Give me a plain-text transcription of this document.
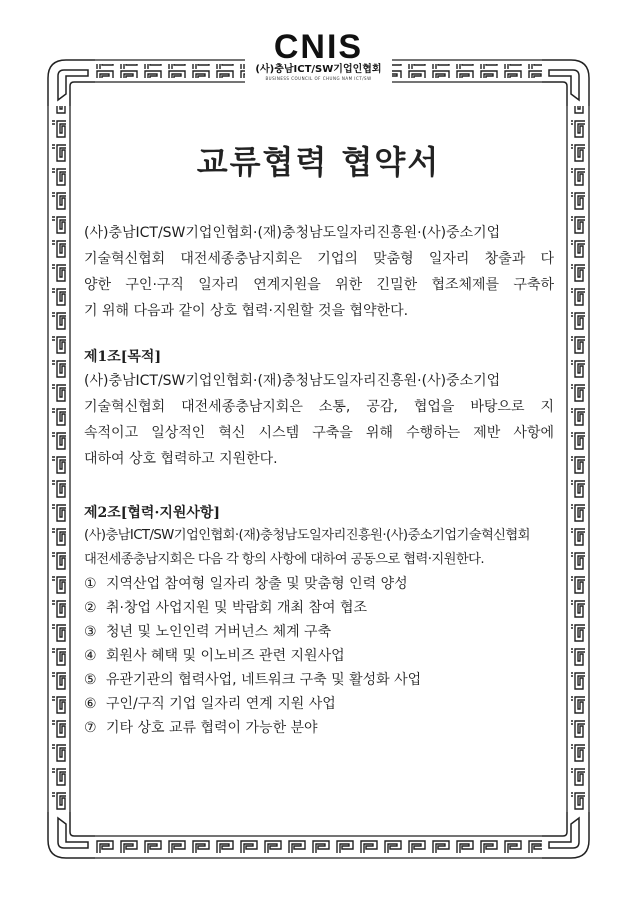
CNIS
(사)충남ICT/SW기업인협회
BUSINESS COUNCIL OF CHUNG NAM ICT/SW
교류협력 협약서

(사)충남ICT/SW기업인협회·(재)충청남도일자리진흥원·(사)중소기업

기술혁신협회 대전세종충남지회은 기업의 맞춤형 일자리 창출과 다

양한 구인·구직 일자리 연계지원을 위한 긴밀한 협조체제를 구축하

기 위해 다음과 같이 상호 협력·지원할 것을 협약한다.

제1조[목적]

(사)충남ICT/SW기업인협회·(재)충청남도일자리진흥원·(사)중소기업

기술혁신협회 대전세종충남지회은 소통, 공감, 협업을 바탕으로 지

속적이고 일상적인 혁신 시스템 구축을 위해 수행하는 제반 사항에

대하여 상호 협력하고 지원한다.

제2조[협력·지원사항]

(사)충남ICT/SW기업인협회·(재)충청남도일자리진흥원·(사)중소기업기술혁신협회

대전세종충남지회은 다음 각 항의 사항에 대하여 공동으로 협력·지원한다.

① 지역산업 참여형 일자리 창출 및 맞춤형 인력 양성
② 취·창업 사업지원 및 박람회 개최 참여 협조
③ 청년 및 노인인력 거버넌스 체계 구축
④ 회원사 혜택 및 이노비즈 관련 지원사업
⑤ 유관기관의 협력사업, 네트워크 구축 및 활성화 사업
⑥ 구인/구직 기업 일자리 연계 지원 사업
⑦ 기타 상호 교류 협력이 가능한 분야
